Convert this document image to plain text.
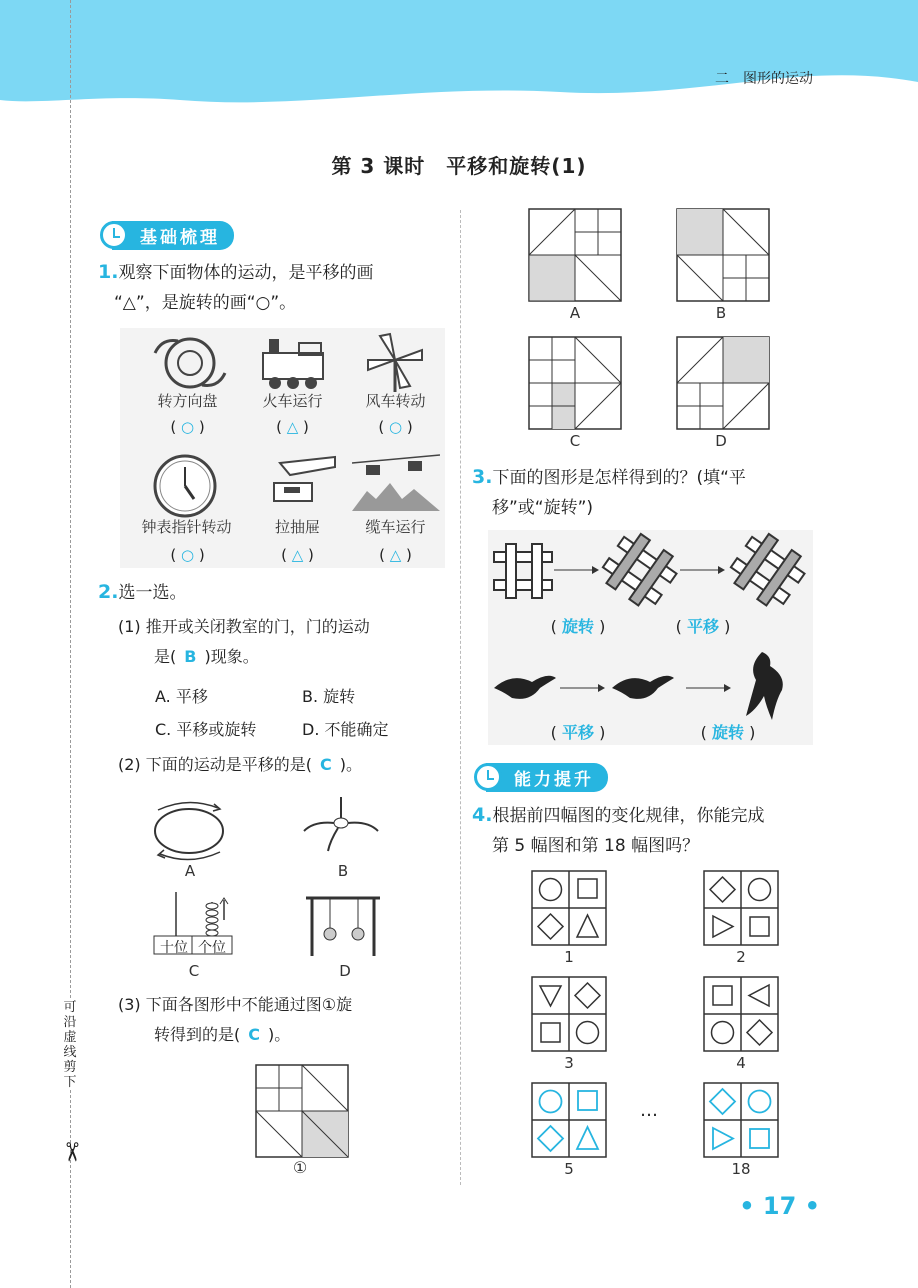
二　图形的运动
第 3 课时　平移和旋转(1)
可沿虚线剪下
✂
基础梳理
1.观察下面物体的运动，是平移的画
“△”，是旋转的画“○”。
转方向盘	火车运行	风车转动
( ○ )	( △ )	( ○ )
钟表指针转动	拉抽屉	缆车运行
( ○ )	( △ )	( △ )
2.选一选。
(1) 推开或关闭教室的门，门的运动
是( B )现象。
A. 平移	B. 旋转
C. 平移或旋转	D. 不能确定
(2) 下面的运动是平移的是( C )。
A	B
十位 个位
C	D
(3) 下面各图形中不能通过图①旋
转得到的是( C )。
①
A	B
C	D
3.下面的图形是怎样得到的？(填“平
移”或“旋转”)
( 旋转 )	( 平移 )
( 平移 )	( 旋转 )
能力提升
4.根据前四幅图的变化规律，你能完成
第 5 幅图和第 18 幅图吗？
1	2
3	4
5
…
18
• 17 •
